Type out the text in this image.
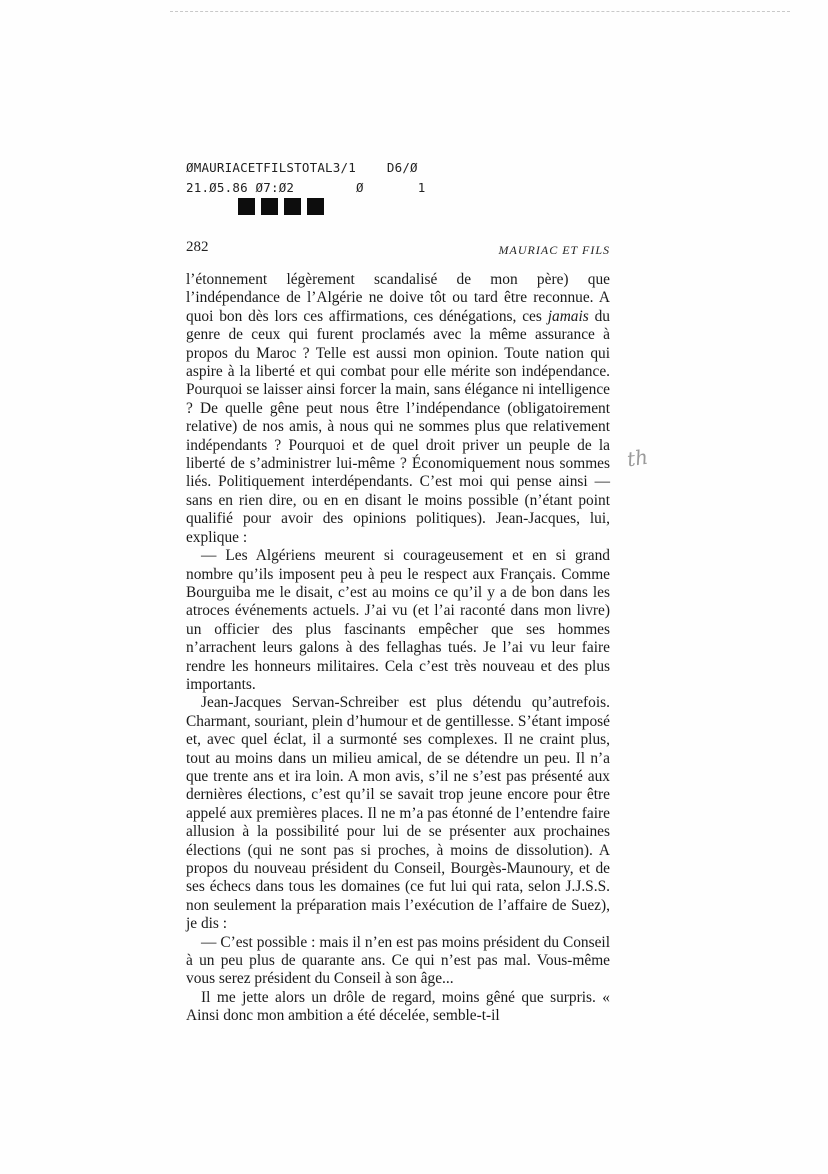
ØMAURIACETFILSTOTAL3/1    D6/Ø
21.Ø5.86 Ø7:Ø2        Ø       1
282	MAURIAC ET FILS

l’étonnement légèrement scandalisé de mon père) que l’indépendance de l’Algérie ne doive tôt ou tard être reconnue. A quoi bon dès lors ces affirmations, ces dénégations, ces jamais du genre de ceux qui furent proclamés avec la même assurance à propos du Maroc ? Telle est aussi mon opinion. Toute nation qui aspire à la liberté et qui combat pour elle mérite son indépendance. Pourquoi se laisser ainsi forcer la main, sans élégance ni intelligence ? De quelle gêne peut nous être l’indépendance (obligatoirement relative) de nos amis, à nous qui ne sommes plus que relativement indépendants ? Pourquoi et de quel droit priver un peuple de la liberté de s’administrer lui-même ? Économiquement nous sommes liés. Politiquement interdépendants. C’est moi qui pense ainsi — sans en rien dire, ou en en disant le moins possible (n’étant point qualifié pour avoir des opinions politiques). Jean-Jacques, lui, explique :

— Les Algériens meurent si courageusement et en si grand nombre qu’ils imposent peu à peu le respect aux Français. Comme Bourguiba me le disait, c’est au moins ce qu’il y a de bon dans les atroces événements actuels. J’ai vu (et l’ai raconté dans mon livre) un officier des plus fascinants empêcher que ses hommes n’arrachent leurs galons à des fellaghas tués. Je l’ai vu leur faire rendre les honneurs militaires. Cela c’est très nouveau et des plus importants.

Jean-Jacques Servan-Schreiber est plus détendu qu’autrefois. Charmant, souriant, plein d’humour et de gentillesse. S’étant imposé et, avec quel éclat, il a surmonté ses complexes. Il ne craint plus, tout au moins dans un milieu amical, de se détendre un peu. Il n’a que trente ans et ira loin. A mon avis, s’il ne s’est pas présenté aux dernières élections, c’est qu’il se savait trop jeune encore pour être appelé aux premières places. Il ne m’a pas étonné de l’entendre faire allusion à la possibilité pour lui de se présenter aux prochaines élections (qui ne sont pas si proches, à moins de dissolution). A propos du nouveau président du Conseil, Bourgès-Maunoury, et de ses échecs dans tous les domaines (ce fut lui qui rata, selon J.J.S.S. non seulement la préparation mais l’exécution de l’affaire de Suez), je dis :

— C’est possible : mais il n’en est pas moins président du Conseil à un peu plus de quarante ans. Ce qui n’est pas mal. Vous-même vous serez président du Conseil à son âge...

Il me jette alors un drôle de regard, moins gêné que surpris. « Ainsi donc mon ambition a été décelée, semble-t-il

th
